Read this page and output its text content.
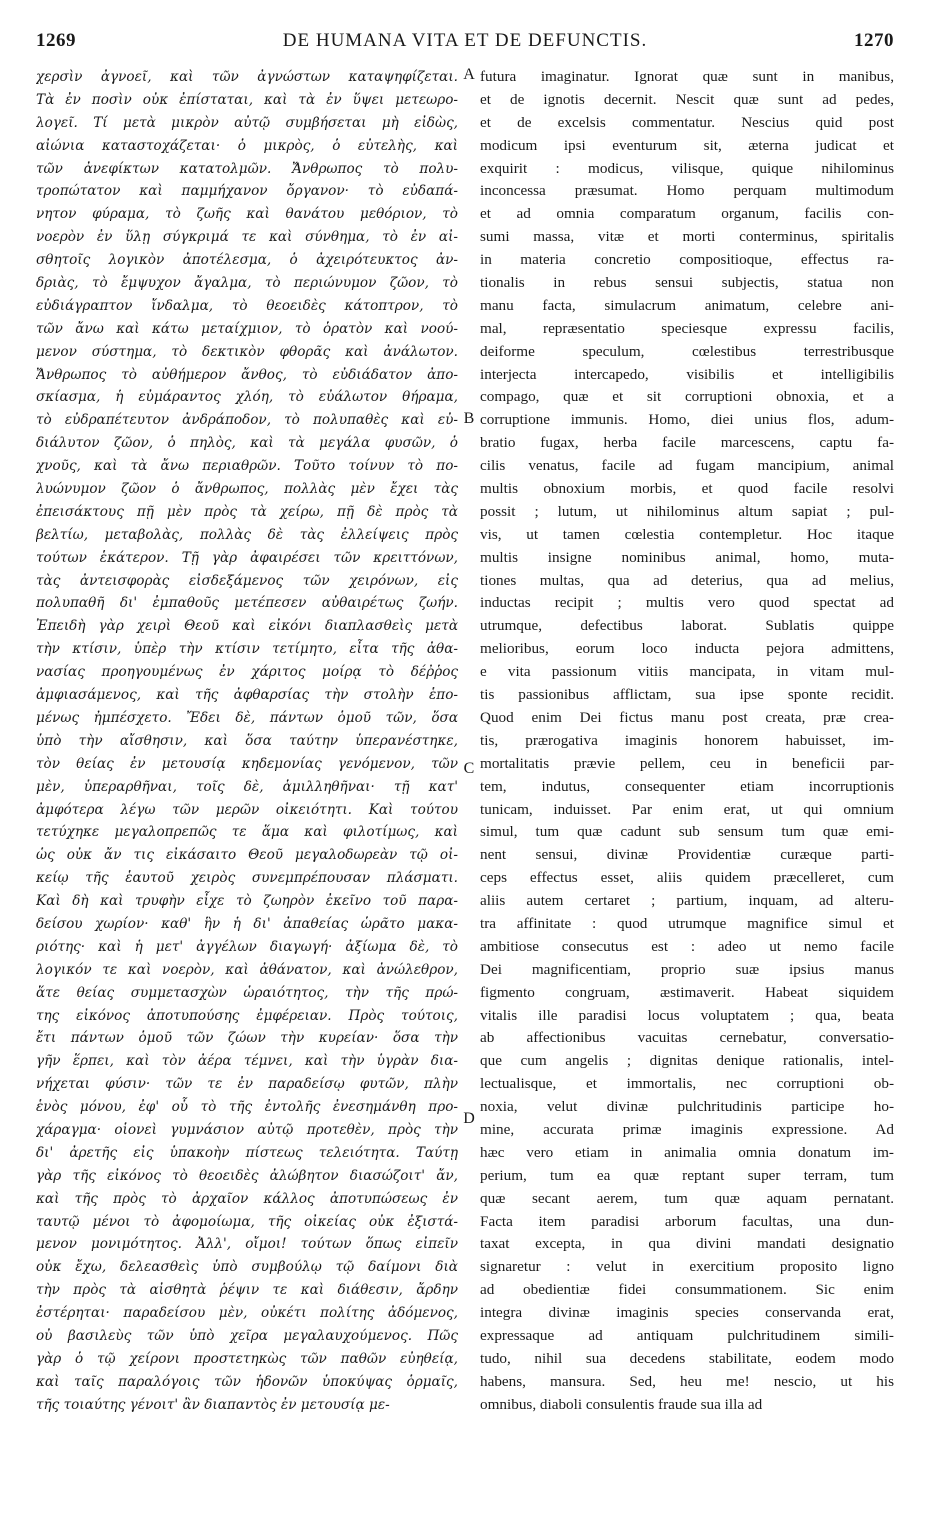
1269	DE HUMANA VITA ET DE DEFUNCTIS.	1270
χερσὶν ἀγνοεῖ, καὶ τῶν ἀγνώστων καταψηφίζεται.
Τὰ ἐν ποσὶν οὐκ ἐπίσταται, καὶ τὰ ἐν ὕψει μετεωρο-
λογεῖ. Τί μετὰ μικρὸν αὐτῷ συμβήσεται μὴ εἰδὼς,
αἰώνια καταστοχάζεται· ὁ μικρὸς, ὁ εὐτελὴς, καὶ
τῶν ἀνεφίκτων κατατολμῶν. Ἄνθρωπος τὸ πολυ-
τροπώτατον καὶ παμμήχανον ὄργανον· τὸ εὐδαπά-
νητον φύραμα, τὸ ζωῆς καὶ θανάτου μεθόριον, τὸ
νοερὸν ἐν ὕλῃ σύγκριμά τε καὶ σύνθημα, τὸ ἐν αἰ-
σθητοῖς λογικὸν ἀποτέλεσμα, ὁ ἀχειρότευκτος ἀν-
δριὰς, τὸ ἔμψυχον ἄγαλμα, τὸ περιώνυμον ζῶον, τὸ
εὐδιάγραπτον ἴνδαλμα, τὸ θεοειδὲς κάτοπτρον, τὸ
τῶν ἄνω καὶ κάτω μεταίχμιον, τὸ ὁρατὸν καὶ νοού-
μενον σύστημα, τὸ δεκτικὸν φθορᾶς καὶ ἀνάλωτον.
Ἄνθρωπος τὸ αὐθήμερον ἄνθος, τὸ εὐδιάδατον ἀπο-
σκίασμα, ἡ εὐμάραντος χλόη, τὸ εὐάλωτον θήραμα,
τὸ εὐδραπέτευτον ἀνδράποδον, τὸ πολυπαθὲς καὶ εὐ-
διάλυτον ζῶον, ὁ πηλὸς, καὶ τὰ μεγάλα φυσῶν, ὁ
χνοῦς, καὶ τὰ ἄνω περιαθρῶν. Τοῦτο τοίνυν τὸ πο-
λυώνυμον ζῶον ὁ ἄνθρωπος, πολλὰς μὲν ἔχει τὰς
ἐπεισάκτους πῇ μὲν πρὸς τὰ χείρω, πῇ δὲ πρὸς τὰ
βελτίω, μεταβολὰς, πολλὰς δὲ τὰς ἐλλείψεις πρὸς
τούτων ἑκάτερον. Τῇ γὰρ ἀφαιρέσει τῶν κρειττόνων,
τὰς ἀντεισφορὰς εἰσδεξάμενος τῶν χειρόνων, εἰς
πολυπαθῆ δι' ἐμπαθοῦς μετέπεσεν αὐθαιρέτως ζωήν.
Ἐπειδὴ γὰρ χειρὶ Θεοῦ καὶ εἰκόνι διαπλασθεὶς μετὰ
τὴν κτίσιν, ὑπὲρ τὴν κτίσιν τετίμητο, εἶτα τῆς ἀθα-
νασίας προηγουμένως ἐν χάριτος μοίρᾳ τὸ δέῤῥος
ἀμφιασάμενος, καὶ τῆς ἀφθαρσίας τὴν στολὴν ἑπο-
μένως ἠμπέσχετο. Ἔδει δὲ, πάντων ὁμοῦ τῶν, ὅσα
ὑπὸ τὴν αἴσθησιν, καὶ ὅσα ταύτην ὑπερανέστηκε,
τὸν θείας ἐν μετουσίᾳ κηδεμονίας γενόμενον, τῶν
μὲν, ὑπεραρθῆναι, τοῖς δὲ, ἁμιλληθῆναι· τῇ κατ'
ἀμφότερα λέγω τῶν μερῶν οἰκειότητι. Καὶ τούτου
τετύχηκε μεγαλοπρεπῶς τε ἅμα καὶ φιλοτίμως, καὶ
ὡς οὐκ ἄν τις εἰκάσαιτο Θεοῦ μεγαλοδωρεὰν τῷ οἰ-
κείῳ τῆς ἑαυτοῦ χειρὸς συνεμπρέπουσαν πλάσματι.
Καὶ δὴ καὶ τρυφὴν εἶχε τὸ ζωηρὸν ἐκεῖνο τοῦ παρα-
δείσου χωρίον· καθ' ἣν ἡ δι' ἀπαθείας ὡρᾶτο μακα-
ριότης· καὶ ἡ μετ' ἀγγέλων διαγωγή· ἀξίωμα δὲ, τὸ
λογικόν τε καὶ νοερὸν, καὶ ἀθάνατον, καὶ ἀνώλεθρον,
ἅτε θείας συμμετασχὼν ὡραιότητος, τὴν τῆς πρώ-
της εἰκόνος ἀποτυπούσης ἐμφέρειαν. Πρὸς τούτοις,
ἔτι πάντων ὁμοῦ τῶν ζώων τὴν κυρείαν· ὅσα τὴν
γῆν ἕρπει, καὶ τὸν ἀέρα τέμνει, καὶ τὴν ὑγρὰν δια-
νήχεται φύσιν· τῶν τε ἐν παραδείσῳ φυτῶν, πλὴν
ἑνὸς μόνου, ἐφ' οὗ τὸ τῆς ἐντολῆς ἐνεσημάνθη προ-
χάραγμα· οἱονεὶ γυμνάσιον αὐτῷ προτεθὲν, πρὸς τὴν
δι' ἀρετῆς εἰς ὑπακοὴν πίστεως τελειότητα. Ταύτῃ
γὰρ τῆς εἰκόνος τὸ θεοειδὲς ἀλώβητον διασώζοιτ' ἄν,
καὶ τῆς πρὸς τὸ ἀρχαῖον κάλλος ἀποτυπώσεως ἐν
ταυτῷ μένοι τὸ ἀφομοίωμα, τῆς οἰκείας οὐκ ἐξιστά-
μενον μονιμότητος. Ἀλλ', οἴμοι! τούτων ὅπως εἰπεῖν
οὐκ ἔχω, δελεασθεὶς ὑπὸ συμβούλῳ τῷ δαίμονι διὰ
τὴν πρὸς τὰ αἰσθητὰ ῥέψιν τε καὶ διάθεσιν, ἄρδην
ἐστέρηται· παραδείσου μὲν, οὐκέτι πολίτης ἀδόμενος,
οὐ βασιλεὺς τῶν ὑπὸ χεῖρα μεγαλαυχούμενος. Πῶς
γὰρ ὁ τῷ χείρονι προστετηκὼς τῶν παθῶν εὐηθείᾳ,
καὶ ταῖς παραλόγοις τῶν ἡδονῶν ὑποκύψας ὁρμαῖς,
τῆς τοιαύτης γένοιτ' ἂν διαπαντὸς ἐν μετουσίᾳ με-
futura imaginatur. Ignorat quæ sunt in manibus,
et de ignotis decernit. Nescit quæ sunt ad pedes,
et de excelsis commentatur. Nescius quid post
modicum ipsi eventurum sit, æterna judicat et
exquirit : modicus, vilisque, quique nihilominus
inconcessa præsumat. Homo perquam multimodum
et ad omnia comparatum organum, facilis con-
sumi massa, vitæ et morti conterminus, spiritalis
in materia concretio compositioque, effectus ra-
tionalis in rebus sensui subjectis, statua non
manu facta, simulacrum animatum, celebre ani-
mal, repræsentatio speciesque expressu facilis,
deiforme speculum, cœlestibus terrestribusque
interjecta intercapedo, visibilis et intelligibilis
compago, quæ et sit corruptioni obnoxia, et a
corruptione immunis. Homo, diei unius flos, adum-
bratio fugax, herba facile marcescens, captu fa-
cilis venatus, facile ad fugam mancipium, animal
multis obnoxium morbis, et quod facile resolvi
possit ; lutum, ut nihilominus altum sapiat ; pul-
vis, ut tamen cœlestia contempletur. Hoc itaque
multis insigne nominibus animal, homo, muta-
tiones multas, qua ad deterius, qua ad melius,
inductas recipit ; multis vero quod spectat ad
utrumque, defectibus laborat. Sublatis quippe
melioribus, eorum loco inducta pejora admittens,
e vita passionum vitiis mancipata, in vitam mul-
tis passionibus afflictam, sua ipse sponte recidit.
Quod enim Dei fictus manu post creata, præ crea-
tis, prærogativa imaginis honorem habuisset, im-
mortalitatis prævie pellem, ceu in beneficii par-
tem, indutus, consequenter etiam incorruptionis
tunicam, induisset. Par enim erat, ut qui omnium
simul, tum quæ cadunt sub sensum tum quæ emi-
nent sensui, divinæ Providentiæ curæque parti-
ceps effectus esset, aliis quidem præcelleret, cum
aliis autem certaret ; partium, inquam, ad alteru-
tra affinitate : quod utrumque magnifice simul et
ambitiose consecutus est : adeo ut nemo facile
Dei magnificentiam, proprio suæ ipsius manus
figmento congruam, æstimaverit. Habeat siquidem
vitalis ille paradisi locus voluptatem ; qua, beata
ab affectionibus vacuitas cernebatur, conversatio-
que cum angelis ; dignitas denique rationalis, intel-
lectualisque, et immortalis, nec corruptioni ob-
noxia, velut divinæ pulchritudinis participe ho-
mine, accurata primæ imaginis expressione. Ad
hæc vero etiam in animalia omnia donatum im-
perium, tum ea quæ reptant super terram, tum
quæ secant aerem, tum quæ aquam pernatant.
Facta item paradisi arborum facultas, una dun-
taxat excepta, in qua divini mandati designatio
signaretur : velut in exercitium proposito ligno
ad obedientiæ fidei consummationem. Sic enim
integra divinæ imaginis species conservanda erat,
expressaque ad antiquam pulchritudinem simili-
tudo, nihil sua decedens stabilitate, eodem modo
habens, mansura. Sed, heu me! nescio, ut his
omnibus, diaboli consulentis fraude sua illa ad
A
B
C
D
